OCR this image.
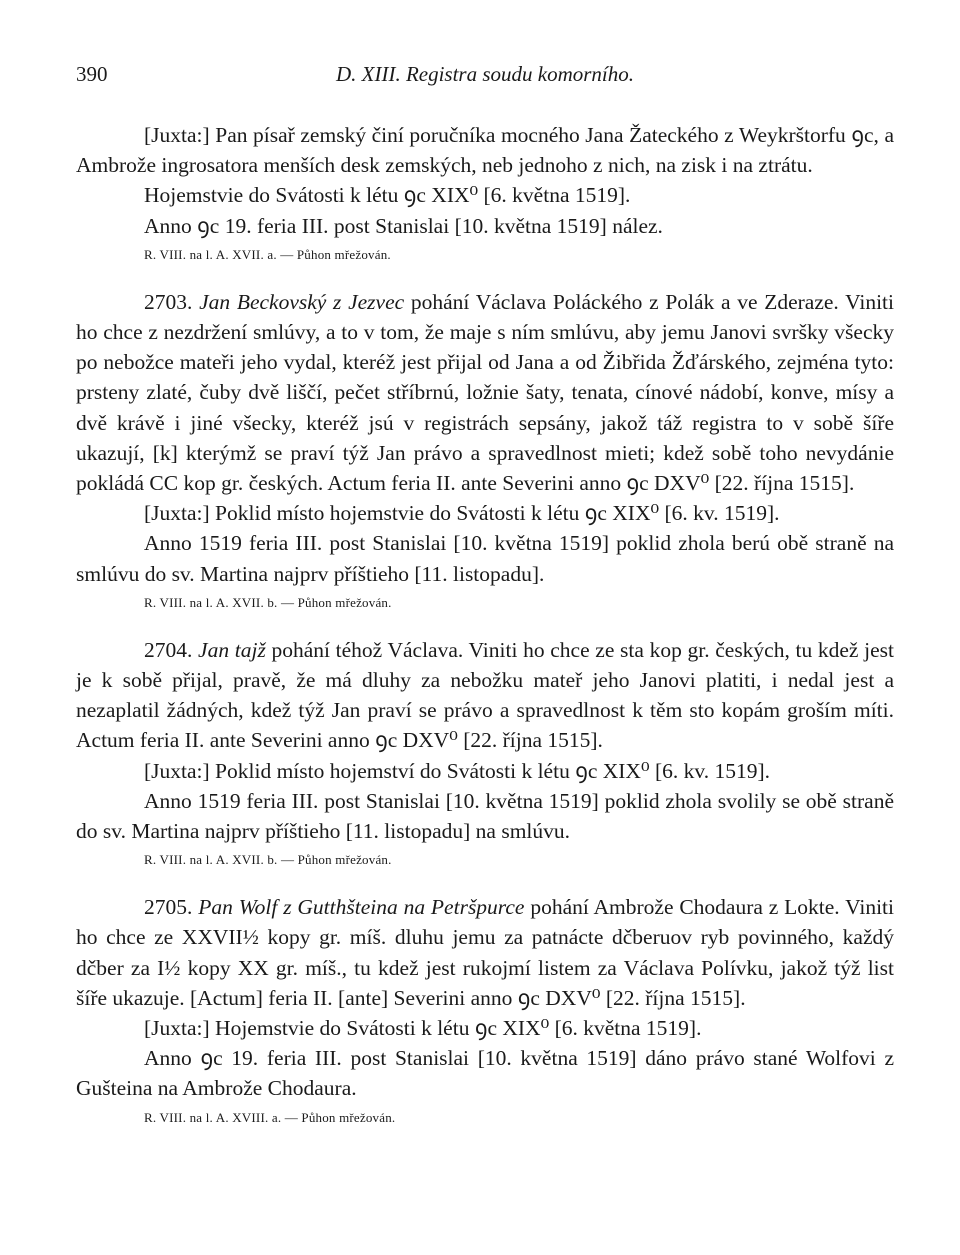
390	D. XIII. Registra soudu komorního.

[Juxta:] Pan písař zemský činí poručníka mocného Jana Žateckého z Weykrštorfu ꝯc, a Ambrože ingrosatora menších desk zemských, neb jednoho z nich, na zisk i na ztrátu.

Hojemstvie do Svátosti k létu ꝯc XIX⁰ [6. května 1519].

Anno ꝯc 19. feria III. post Stanislai [10. května 1519] nález.

R. VIII. na l. A. XVII. a. — Půhon mřežován.

2703. Jan Beckovský z Jezvec pohání Václava Poláckého z Polák a ve Zderaze. Viniti ho chce z nezdržení smlúvy, a to v tom, že maje s ním smlúvu, aby jemu Janovi svršky všecky po nebožce mateři jeho vydal, kteréž jest přijal od Jana a od Žibřida Žďárského, zejména tyto: prsteny zlaté, čuby dvě liščí, pečet stříbrnú, ložnie šaty, tenata, cínové nádobí, konve, mísy a dvě krávě i jiné všecky, kteréž jsú v registrách sepsány, jakož táž registra to v sobě šíře ukazují, [k] kterýmž se praví týž Jan právo a spravedlnost mieti; kdež sobě toho nevydánie pokládá CC kop gr. českých. Actum feria II. ante Severini anno ꝯc DXV⁰ [22. října 1515].

[Juxta:] Poklid místo hojemstvie do Svátosti k létu ꝯc XIX⁰ [6. kv. 1519].

Anno 1519 feria III. post Stanislai [10. května 1519] poklid zhola berú obě straně na smlúvu do sv. Martina najprv příštieho [11. listopadu].

R. VIII. na l. A. XVII. b. — Půhon mřežován.

2704. Jan tajž pohání téhož Václava. Viniti ho chce ze sta kop gr. českých, tu kdež jest je k sobě přijal, pravě, že má dluhy za nebožku mateř jeho Janovi platiti, i nedal jest a nezaplatil žádných, kdež týž Jan praví se právo a spravedlnost k těm sto kopám groším míti. Actum feria II. ante Severini anno ꝯc DXV⁰ [22. října 1515].

[Juxta:] Poklid místo hojemství do Svátosti k létu ꝯc XIX⁰ [6. kv. 1519].

Anno 1519 feria III. post Stanislai [10. května 1519] poklid zhola svolily se obě straně do sv. Martina najprv příštieho [11. listopadu] na smlúvu.

R. VIII. na l. A. XVII. b. — Půhon mřežován.

2705. Pan Wolf z Gutthšteina na Petršpurce pohání Ambrože Chodaura z Lokte. Viniti ho chce ze XXVII½ kopy gr. míš. dluhu jemu za patnácte dčberuov ryb povinného, každý dčber za I½ kopy XX gr. míš., tu kdež jest rukojmí listem za Václava Polívku, jakož týž list šíře ukazuje. [Actum] feria II. [ante] Severini anno ꝯc DXV⁰ [22. října 1515].

[Juxta:] Hojemstvie do Svátosti k létu ꝯc XIX⁰ [6. května 1519].

Anno ꝯc 19. feria III. post Stanislai [10. května 1519] dáno právo stané Wolfovi z Gušteina na Ambrože Chodaura.

R. VIII. na l. A. XVIII. a. — Půhon mřežován.
